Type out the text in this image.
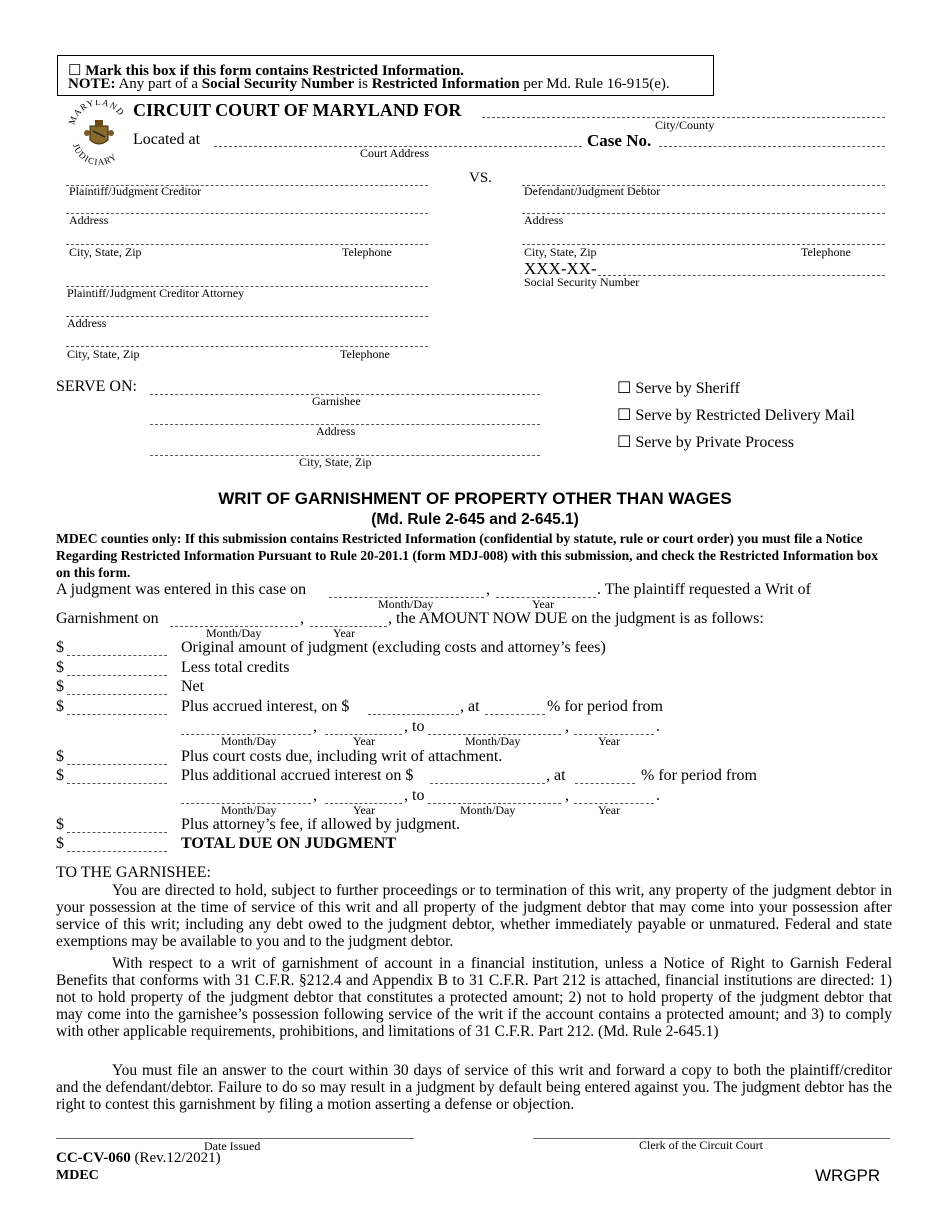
☐ Mark this box if this form contains Restricted Information.
NOTE: Any part of a Social Security Number is Restricted Information per Md. Rule 16-915(e).
MARYLAND
JUDICIARY
CIRCUIT COURT OF MARYLAND FOR
City/County
Located at
Court Address
Case No.
Plaintiff/Judgment Creditor
Address
City, State, Zip	Telephone
VS.
Plaintiff/Judgment Creditor Attorney
Address
City, State, Zip	Telephone
Defendant/Judgment Debtor
Address
City, State, Zip	Telephone
XXX-XX-
Social Security Number
SERVE ON:
Garnishee
Address
City, State, Zip
☐ Serve by Sheriff
☐ Serve by Restricted Delivery Mail
☐ Serve by Private Process
WRIT OF GARNISHMENT OF PROPERTY OTHER THAN WAGES
(Md. Rule 2-645 and 2-645.1)
MDEC counties only: If this submission contains Restricted Information (confidential by statute, rule or court order) you must file a Notice Regarding Restricted Information Pursuant to Rule 20-201.1 (form MDJ-008) with this submission, and check the Restricted Information box on this form.
A judgment was entered in this case on	,	. The plaintiff requested a Writ of
Month/Day	Year
Garnishment on	,	, the AMOUNT NOW DUE on the judgment is as follows:
Month/Day	Year
$	Original amount of judgment (excluding costs and attorney’s fees)
$	Less total credits
$	Net
$	Plus accrued interest, on $	, at	% for period from
,	, to	,	.
Month/Day	Year	Month/Day	Year
$	Plus court costs due, including writ of attachment.
$	Plus additional accrued interest on $	, at	% for period from
,	, to	,	.
Month/Day	Year	Month/Day	Year
$	Plus attorney’s fee, if allowed by judgment.
$	TOTAL DUE ON JUDGMENT
TO THE GARNISHEE:
You are directed to hold, subject to further proceedings or to termination of this writ, any property of the judgment debtor in your possession at the time of service of this writ and all property of the judgment debtor that may come into your possession after service of this writ; including any debt owed to the judgment debtor, whether immediately payable or unmatured. Federal and state exemptions may be available to you and to the judgment debtor.
With respect to a writ of garnishment of account in a financial institution, unless a Notice of Right to Garnish Federal Benefits that conforms with 31 C.F.R. §212.4 and Appendix B to 31 C.F.R. Part 212 is attached, financial institutions are directed: 1) not to hold property of the judgment debtor that constitutes a protected amount; 2) not to hold property of the judgment debtor that may come into the garnishee’s possession following service of the writ if the account contains a protected amount; and 3) to comply with other applicable requirements, prohibitions, and limitations of 31 C.F.R. Part 212. (Md. Rule 2-645.1)
You must file an answer to the court within 30 days of service of this writ and forward a copy to both the plaintiff/creditor and the defendant/debtor. Failure to do so may result in a judgment by default being entered against you. The judgment debtor has the right to contest this garnishment by filing a motion asserting a defense or objection.
Date Issued	Clerk of the Circuit Court
CC-CV-060 (Rev.12/2021)
MDEC	WRGPR
